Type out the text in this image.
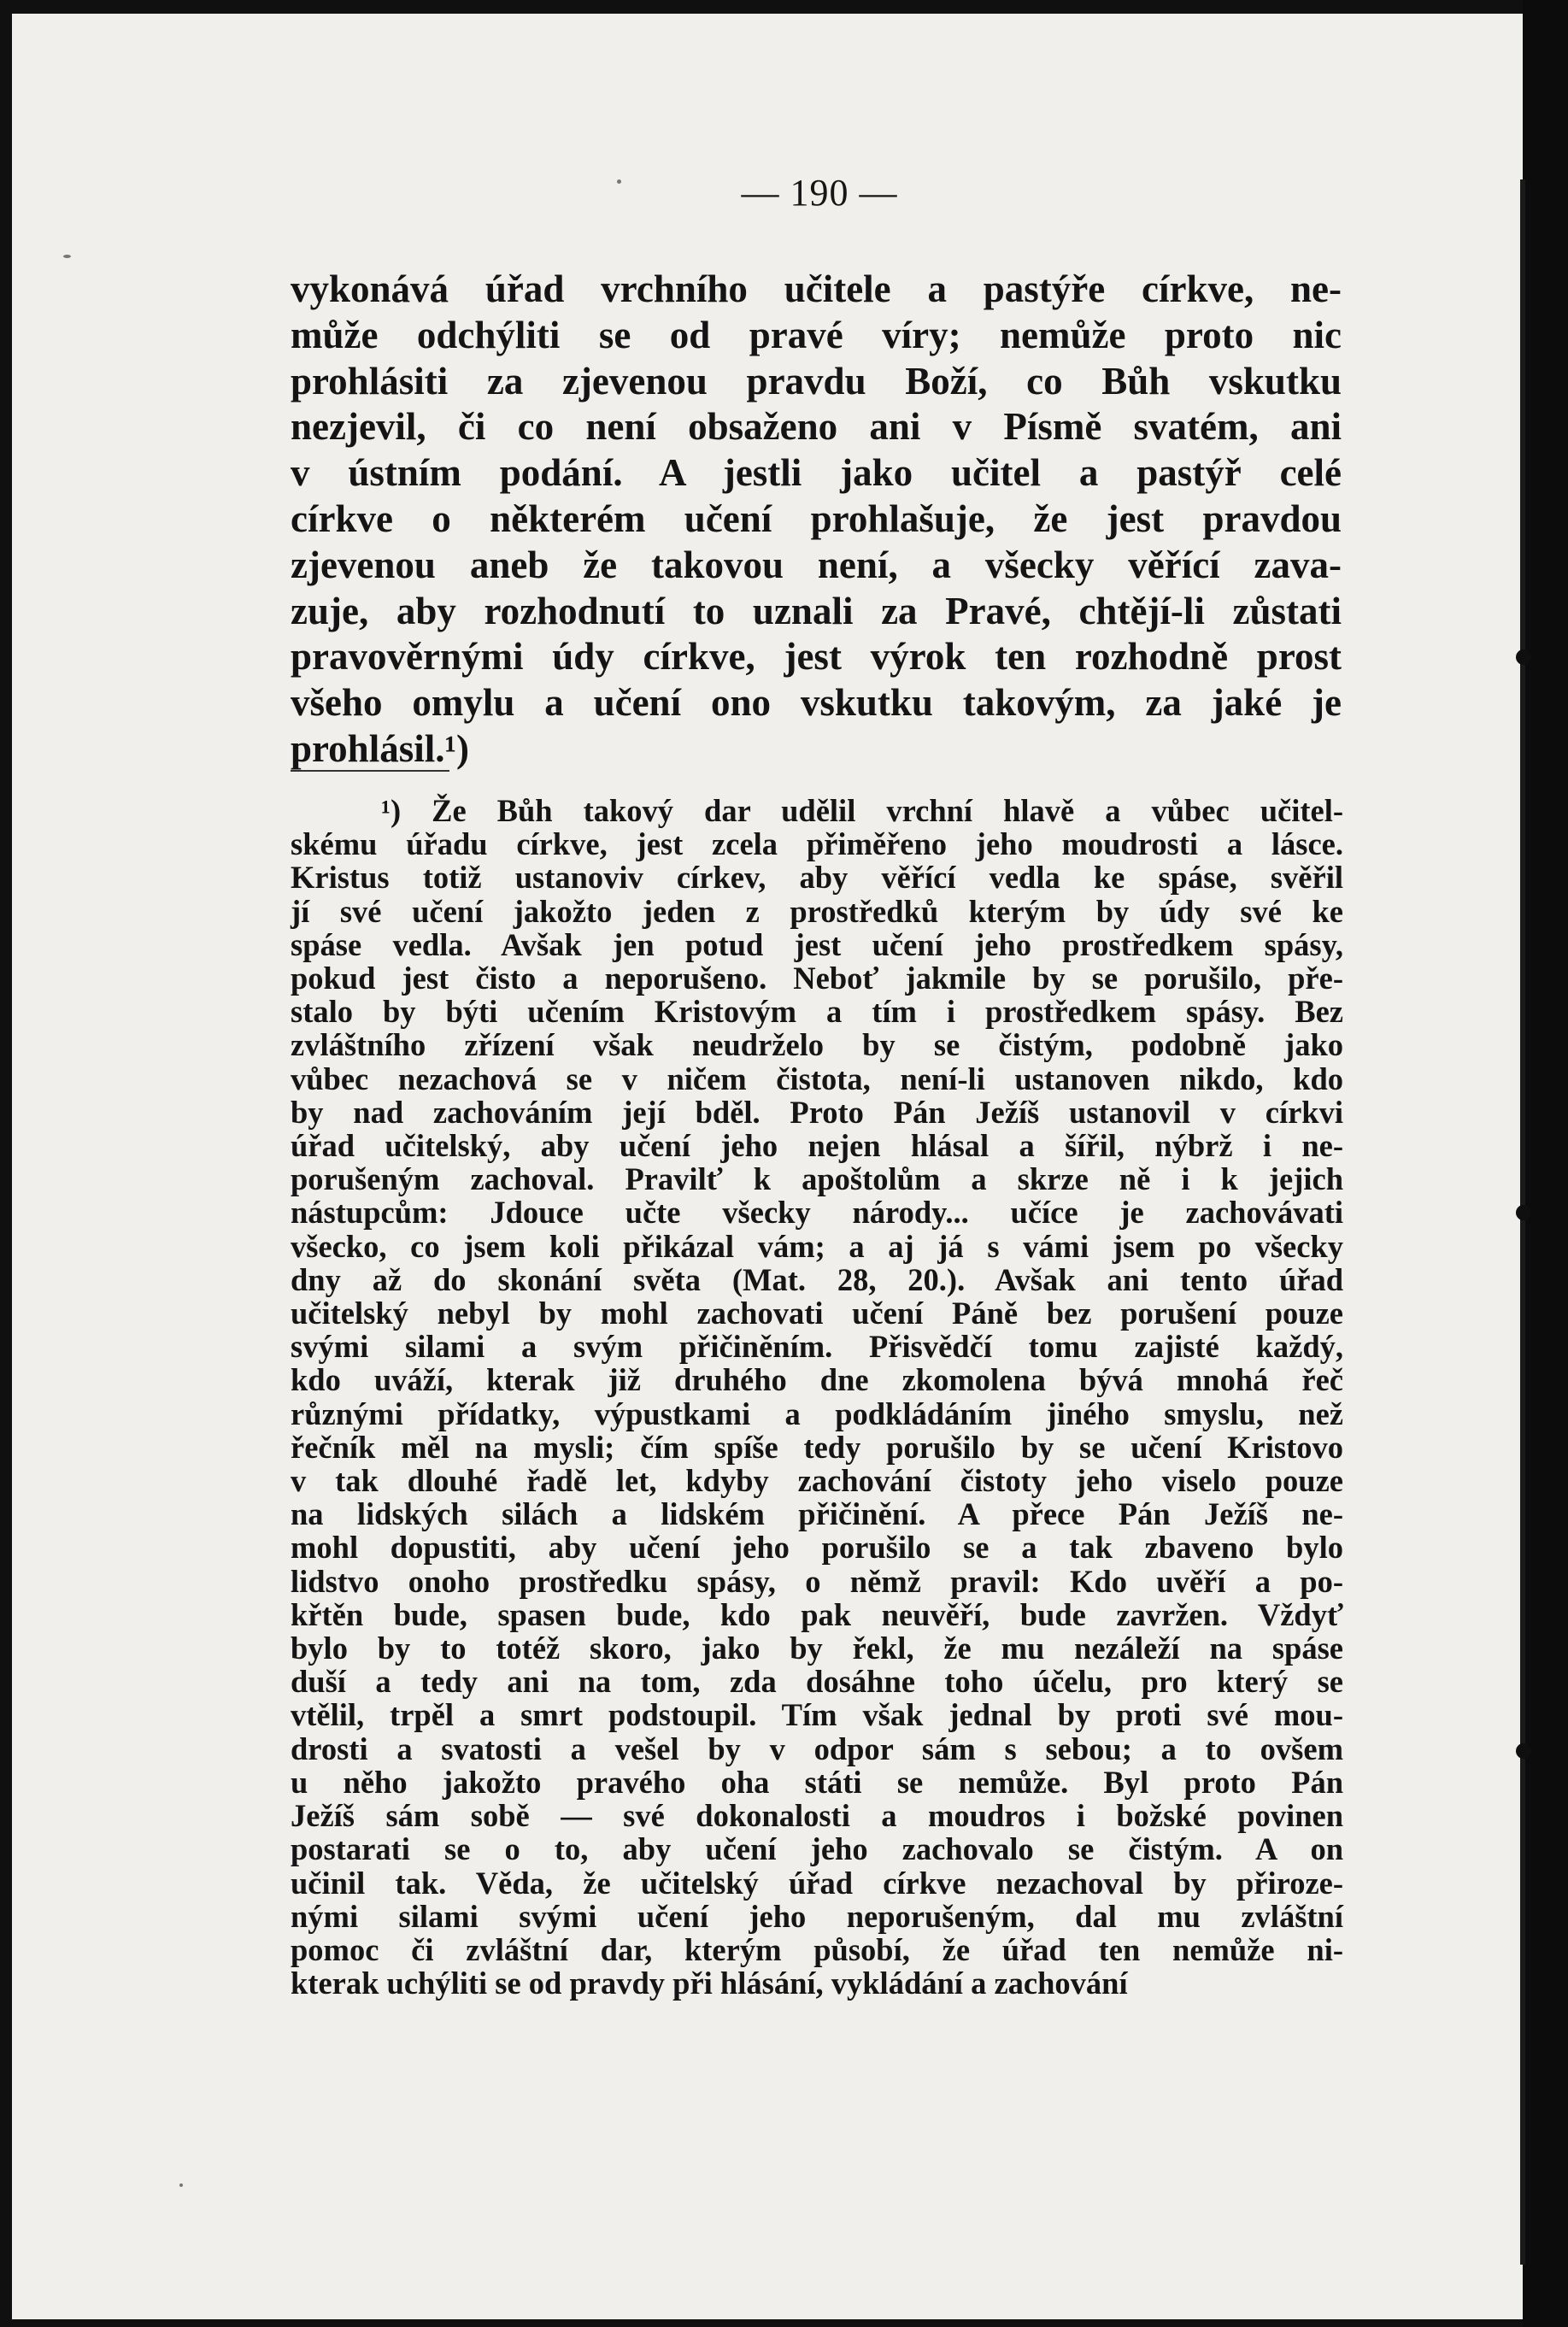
— 190 —
vykonává úřad vrchního učitele a pastýře církve, ne-
může odchýliti se od pravé víry; nemůže proto nic
prohlásiti za zjevenou pravdu Boží, co Bůh vskutku
nezjevil, či co není obsaženo ani v Písmě svatém, ani
v ústním podání. A jestli jako učitel a pastýř celé
církve o některém učení prohlašuje, že jest pravdou
zjevenou aneb že takovou není, a všecky věřící zava-
zuje, aby rozhodnutí to uznali za Pravé, chtějí-li zůstati
pravověrnými údy církve, jest výrok ten rozhodně prost
všeho omylu a učení ono vskutku takovým, za jaké je
prohlásil.¹)
¹) Že Bůh takový dar udělil vrchní hlavě a vůbec učitel-
skému úřadu církve, jest zcela přiměřeno jeho moudrosti a lásce.
Kristus totiž ustanoviv církev, aby věřící vedla ke spáse, svěřil
jí své učení jakožto jeden z prostředků kterým by údy své ke
spáse vedla. Avšak jen potud jest učení jeho prostředkem spásy,
pokud jest čisto a neporušeno. Neboť jakmile by se porušilo, pře-
stalo by býti učením Kristovým a tím i prostředkem spásy. Bez
zvláštního zřízení však neudrželo by se čistým, podobně jako
vůbec nezachová se v ničem čistota, není-li ustanoven nikdo, kdo
by nad zachováním její bděl. Proto Pán Ježíš ustanovil v církvi
úřad učitelský, aby učení jeho nejen hlásal a šířil, nýbrž i ne-
porušeným zachoval. Pravilť k apoštolům a skrze ně i k jejich
nástupcům: Jdouce učte všecky národy... učíce je zachovávati
všecko, co jsem koli přikázal vám; a aj já s vámi jsem po všecky
dny až do skonání světa (Mat. 28, 20.). Avšak ani tento úřad
učitelský nebyl by mohl zachovati učení Páně bez porušení pouze
svými silami a svým přičiněním. Přisvědčí tomu zajisté každý,
kdo uváží, kterak již druhého dne zkomolena bývá mnohá řeč
různými přídatky, výpustkami a podkládáním jiného smyslu, než
řečník měl na mysli; čím spíše tedy porušilo by se učení Kristovo
v tak dlouhé řadě let, kdyby zachování čistoty jeho viselo pouze
na lidských silách a lidském přičinění. A přece Pán Ježíš ne-
mohl dopustiti, aby učení jeho porušilo se a tak zbaveno bylo
lidstvo onoho prostředku spásy, o němž pravil: Kdo uvěří a po-
křtěn bude, spasen bude, kdo pak neuvěří, bude zavržen. Vždyť
bylo by to totéž skoro, jako by řekl, že mu nezáleží na spáse
duší a tedy ani na tom, zda dosáhne toho účelu, pro který se
vtělil, trpěl a smrt podstoupil. Tím však jednal by proti své mou-
drosti a svatosti a vešel by v odpor sám s sebou; a to ovšem
u něho jakožto pravého oha státi se nemůže. Byl proto Pán
Ježíš sám sobě — své dokonalosti a moudros i božské povinen
postarati se o to, aby učení jeho zachovalo se čistým. A on
učinil tak. Věda, že učitelský úřad církve nezachoval by přiroze-
nými silami svými učení jeho neporušeným, dal mu zvláštní
pomoc či zvláštní dar, kterým působí, že úřad ten nemůže ni-
kterak uchýliti se od pravdy při hlásání, vykládání a zachování
